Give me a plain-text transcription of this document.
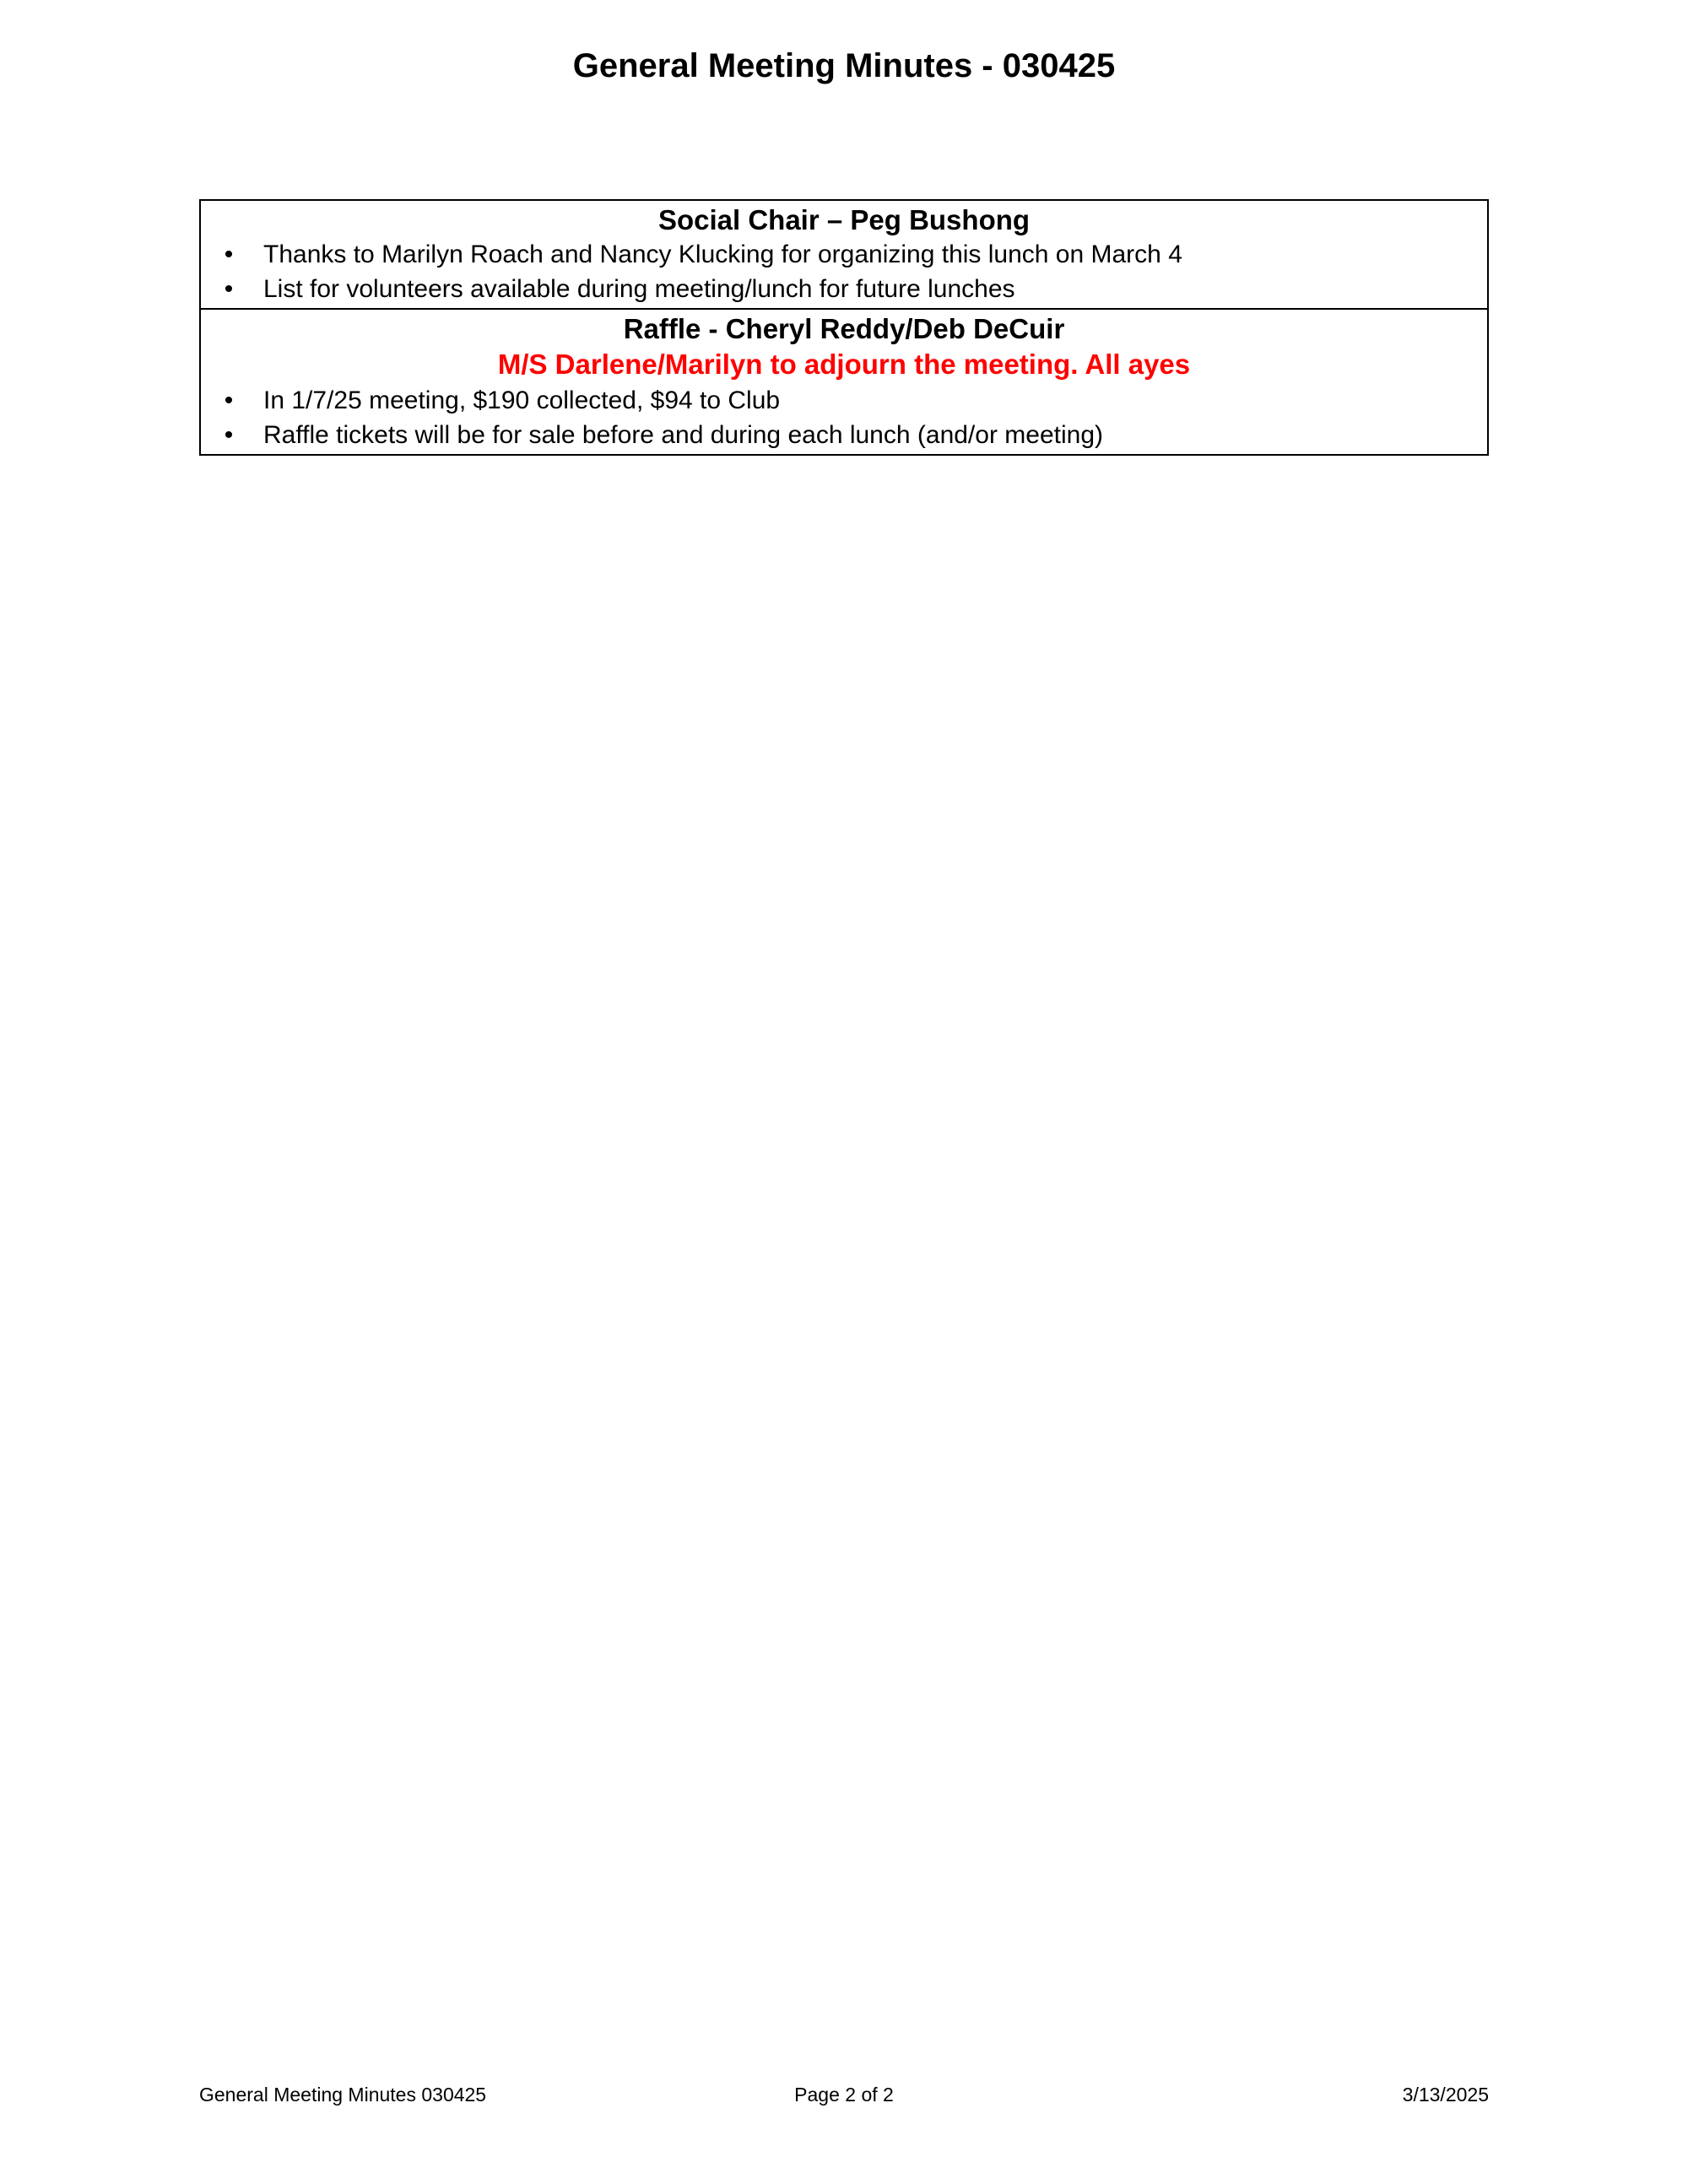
General Meeting Minutes - 030425
Social Chair – Peg Bushong
•	Thanks to Marilyn Roach and Nancy Klucking for organizing this lunch on March 4
•	List for volunteers available during meeting/lunch for future lunches
Raffle - Cheryl Reddy/Deb DeCuir
M/S Darlene/Marilyn to adjourn the meeting. All ayes
•	In 1/7/25 meeting, $190 collected, $94 to Club
•	Raffle tickets will be for sale before and during each lunch (and/or meeting)
Page 2 of 2
General Meeting Minutes 030425	3/13/2025
